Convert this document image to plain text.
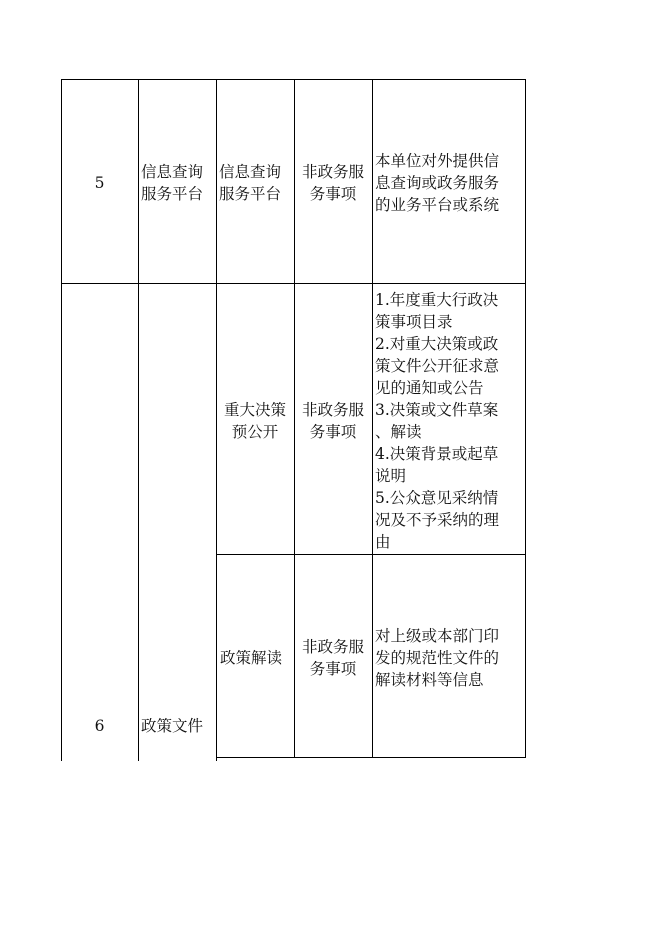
5
信息查询
服务平台
信息查询
服务平台
非政务服
务事项
本单位对外提供信
息查询或政务服务
的业务平台或系统
6	政策文件
重大决策
预公开
非政务服
务事项
1.年度重大行政决
策事项目录
2.对重大决策或政
策文件公开征求意
见的通知或公告
3.决策或文件草案
、解读
4.决策背景或起草
说明
5.公众意见采纳情
况及不予采纳的理
由
政策解读
非政务服
务事项
对上级或本部门印
发的规范性文件的
解读材料等信息
